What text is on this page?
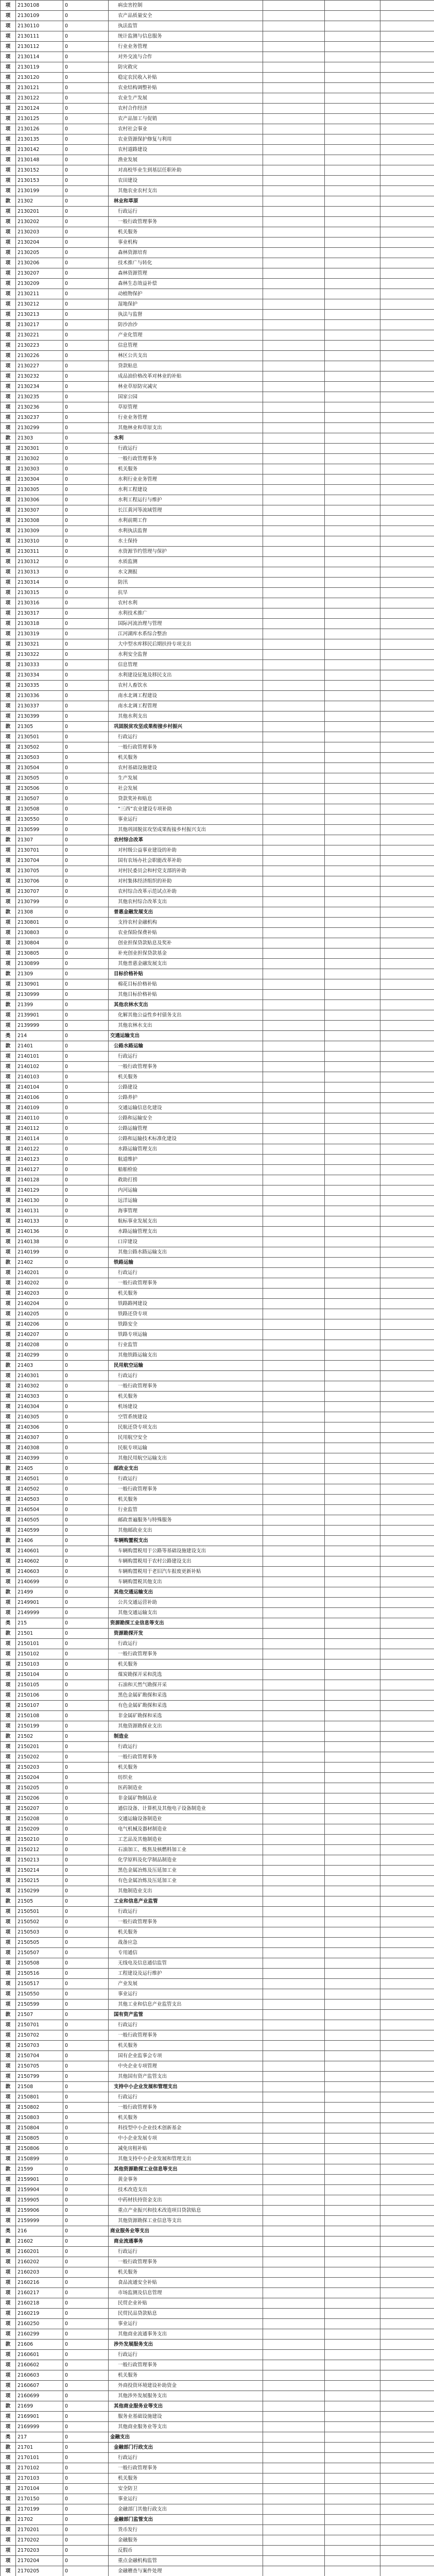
项	2130108	0	病虫害控制			
项	2130109	0	农产品质量安全			
项	2130110	0	执法监管			
项	2130111	0	统计监测与信息服务			
项	2130112	0	行业业务管理			
项	2130114	0	对外交流与合作			
项	2130119	0	防灾救灾			
项	2130120	0	稳定农民收入补贴			
项	2130121	0	农业结构调整补贴			
项	2130122	0	农业生产发展			
项	2130124	0	农村合作经济			
项	2130125	0	农产品加工与促销			
项	2130126	0	农村社会事业			
项	2130135	0	农业资源保护修复与利用			
项	2130142	0	农村道路建设			
项	2130148	0	渔业发展			
项	2130152	0	对高校毕业生到基层任职补助			
项	2130153	0	农田建设			
项	2130199	0	其他农业农村支出			
款	21302	0	林业和草原			
项	2130201	0	行政运行			
项	2130202	0	一般行政管理事务			
项	2130203	0	机关服务			
项	2130204	0	事业机构			
项	2130205	0	森林资源培育			
项	2130206	0	技术推广与转化			
项	2130207	0	森林资源管理			
项	2130209	0	森林生态效益补偿			
项	2130211	0	动植物保护			
项	2130212	0	湿地保护			
项	2130213	0	执法与监督			
项	2130217	0	防沙治沙			
项	2130221	0	产业化管理			
项	2130223	0	信息管理			
项	2130226	0	林区公共支出			
项	2130227	0	贷款贴息			
项	2130232	0	成品油价格改革对林业的补贴			
项	2130234	0	林业草原防灾减灾			
项	2130235	0	国家公园			
项	2130236	0	草原管理			
项	2130237	0	行业业务管理			
项	2130299	0	其他林业和草原支出			
款	21303	0	水利			
项	2130301	0	行政运行			
项	2130302	0	一般行政管理事务			
项	2130303	0	机关服务			
项	2130304	0	水利行业业务管理			
项	2130305	0	水利工程建设			
项	2130306	0	水利工程运行与维护			
项	2130307	0	长江黄河等流域管理			
项	2130308	0	水利前期工作			
项	2130309	0	水利执法监督			
项	2130310	0	水土保持			
项	2130311	0	水资源节约管理与保护			
项	2130312	0	水质监测			
项	2130313	0	水文测报			
项	2130314	0	防汛			
项	2130315	0	抗旱			
项	2130316	0	农村水利			
项	2130317	0	水利技术推广			
项	2130318	0	国际河流治理与管理			
项	2130319	0	江河湖库水系综合整治			
项	2130321	0	大中型水库移民后期扶持专项支出			
项	2130322	0	水利安全监督			
项	2130333	0	信息管理			
项	2130334	0	水利建设征地及移民支出			
项	2130335	0	农村人畜饮水			
项	2130336	0	南水北调工程建设			
项	2130337	0	南水北调工程管理			
项	2130399	0	其他水利支出			
款	21305	0	巩固脱贫攻坚成果衔接乡村振兴			
项	2130501	0	行政运行			
项	2130502	0	一般行政管理事务			
项	2130503	0	机关服务			
项	2130504	0	农村基础设施建设			
项	2130505	0	生产发展			
项	2130506	0	社会发展			
项	2130507	0	贷款奖补和贴息			
项	2130508	0	“三西”农业建设专项补助			
项	2130550	0	事业运行			
项	2130599	0	其他巩固脱贫攻坚成果衔接乡村振兴支出			
款	21307	0	农村综合改革			
项	2130701	0	对村级公益事业建设的补助			
项	2130704	0	国有农场办社会职能改革补助			
项	2130705	0	对村民委员会和村党支部的补助			
项	2130706	0	对村集体经济组织的补助			
项	2130707	0	农村综合改革示范试点补助			
项	2130799	0	其他农村综合改革支出			
款	21308	0	普惠金融发展支出			
项	2130801	0	支持农村金融机构			
项	2130803	0	农业保险保费补贴			
项	2130804	0	创业担保贷款贴息及奖补			
项	2130805	0	补充创业担保贷款基金			
项	2130899	0	其他普惠金融发展支出			
款	21309	0	目标价格补贴			
项	2130901	0	棉花目标价格补贴			
项	2130999	0	其他目标价格补贴			
款	21399	0	其他农林水支出			
项	2139901	0	化解其他公益性乡村债务支出			
项	2139999	0	其他农林水支出			
类	214	0	交通运输支出			
款	21401	0	公路水路运输			
项	2140101	0	行政运行			
项	2140102	0	一般行政管理事务			
项	2140103	0	机关服务			
项	2140104	0	公路建设			
项	2140106	0	公路养护			
项	2140109	0	交通运输信息化建设			
项	2140110	0	公路和运输安全			
项	2140112	0	公路运输管理			
项	2140114	0	公路和运输技术标准化建设			
项	2140122	0	水路运输管理支出			
项	2140123	0	航道维护			
项	2140127	0	船舶检验			
项	2140128	0	救助打捞			
项	2140129	0	内河运输			
项	2140130	0	远洋运输			
项	2140131	0	海事管理			
项	2140133	0	航标事业发展支出			
项	2140136	0	水路运输管理支出			
项	2140138	0	口岸建设			
项	2140199	0	其他公路水路运输支出			
款	21402	0	铁路运输			
项	2140201	0	行政运行			
项	2140202	0	一般行政管理事务			
项	2140203	0	机关服务			
项	2140204	0	铁路路网建设			
项	2140205	0	铁路还贷专项			
项	2140206	0	铁路安全			
项	2140207	0	铁路专项运输			
项	2140208	0	行业监管			
项	2140299	0	其他铁路运输支出			
款	21403	0	民用航空运输			
项	2140301	0	行政运行			
项	2140302	0	一般行政管理事务			
项	2140303	0	机关服务			
项	2140304	0	机场建设			
项	2140305	0	空管系统建设			
项	2140306	0	民航还贷专项支出			
项	2140307	0	民用航空安全			
项	2140308	0	民航专项运输			
项	2140399	0	其他民用航空运输支出			
款	21405	0	邮政业支出			
项	2140501	0	行政运行			
项	2140502	0	一般行政管理事务			
项	2140503	0	机关服务			
项	2140504	0	行业监管			
项	2140505	0	邮政普遍服务与特殊服务			
项	2140599	0	其他邮政业支出			
款	21406	0	车辆购置税支出			
项	2140601	0	车辆购置税用于公路等基础设施建设支出			
项	2140602	0	车辆购置税用于农村公路建设支出			
项	2140603	0	车辆购置税用于老旧汽车报废更新补贴			
项	2140699	0	车辆购置税其他支出			
款	21499	0	其他交通运输支出			
项	2149901	0	公共交通运营补助			
项	2149999	0	其他交通运输支出			
类	215	0	资源勘探工业信息等支出			
款	21501	0	资源勘探开发			
项	2150101	0	行政运行			
项	2150102	0	一般行政管理事务			
项	2150103	0	机关服务			
项	2150104	0	煤炭勘探开采和洗选			
项	2150105	0	石油和天然气勘探开采			
项	2150106	0	黑色金属矿勘探和采选			
项	2150107	0	有色金属矿勘探和采选			
项	2150108	0	非金属矿勘探和采选			
项	2150199	0	其他资源勘探业支出			
款	21502	0	制造业			
项	2150201	0	行政运行			
项	2150202	0	一般行政管理事务			
项	2150203	0	机关服务			
项	2150204	0	纺织业			
项	2150205	0	医药制造业			
项	2150206	0	非金属矿物制品业			
项	2150207	0	通信设备、计算机及其他电子设备制造业			
项	2150208	0	交通运输设备制造业			
项	2150209	0	电气机械及器材制造业			
项	2150210	0	工艺品及其他制造业			
项	2150212	0	石油加工、炼焦及核燃料加工业			
项	2150213	0	化学原料及化学制品制造业			
项	2150214	0	黑色金属冶炼及压延加工业			
项	2150215	0	有色金属冶炼及压延加工业			
项	2150299	0	其他制造业支出			
款	21505	0	工业和信息产业监管			
项	2150501	0	行政运行			
项	2150502	0	一般行政管理事务			
项	2150503	0	机关服务			
项	2150505	0	战备应急			
项	2150507	0	专用通信			
项	2150508	0	无线电及信息通信监管			
项	2150516	0	工程建设及运行维护			
项	2150517	0	产业发展			
项	2150550	0	事业运行			
项	2150599	0	其他工业和信息产业监管支出			
款	21507	0	国有资产监管			
项	2150701	0	行政运行			
项	2150702	0	一般行政管理事务			
项	2150703	0	机关服务			
项	2150704	0	国有企业监事会专项			
项	2150705	0	中央企业专项管理			
项	2150799	0	其他国有资产监管支出			
款	21508	0	支持中小企业发展和管理支出			
项	2150801	0	行政运行			
项	2150802	0	一般行政管理事务			
项	2150803	0	机关服务			
项	2150804	0	科技型中小企业技术创新基金			
项	2150805	0	中小企业发展专项			
项	2150806	0	减免房租补贴			
项	2150899	0	其他支持中小企业发展和管理支出			
款	21599	0	其他资源勘探工业信息等支出			
项	2159901	0	黄金事务			
项	2159904	0	技术改造支出			
项	2159905	0	中药材扶持资金支出			
项	2159906	0	重点产业振兴和技术改造项目贷款贴息			
项	2159999	0	其他资源勘探工业信息等支出			
类	216	0	商业服务业等支出			
款	21602	0	商业流通事务			
项	2160201	0	行政运行			
项	2160202	0	一般行政管理事务			
项	2160203	0	机关服务			
项	2160216	0	食品流通安全补贴			
项	2160217	0	市场监测及信息管理			
项	2160218	0	民贸企业补贴			
项	2160219	0	民贸民品贷款贴息			
项	2160250	0	事业运行			
项	2160299	0	其他商业流通事务支出			
款	21606	0	涉外发展服务支出			
项	2160601	0	行政运行			
项	2160602	0	一般行政管理事务			
项	2160603	0	机关服务			
项	2160607	0	外商投资环境建设补助资金			
项	2160699	0	其他涉外发展服务支出			
款	21699	0	其他商业服务业等支出			
项	2169901	0	服务业基础设施建设			
项	2169999	0	其他商业服务业等支出			
类	217	0	金融支出			
款	21701	0	金融部门行政支出			
项	2170101	0	行政运行			
项	2170102	0	一般行政管理事务			
项	2170103	0	机关服务			
项	2170104	0	安全防卫			
项	2170150	0	事业运行			
项	2170199	0	金融部门其他行政支出			
款	21702	0	金融部门监管支出			
项	2170201	0	货币发行			
项	2170202	0	金融服务			
项	2170203	0	反假币			
项	2170204	0	重点金融机构监管			
项	2170205	0	金融稽查与案件处理			
